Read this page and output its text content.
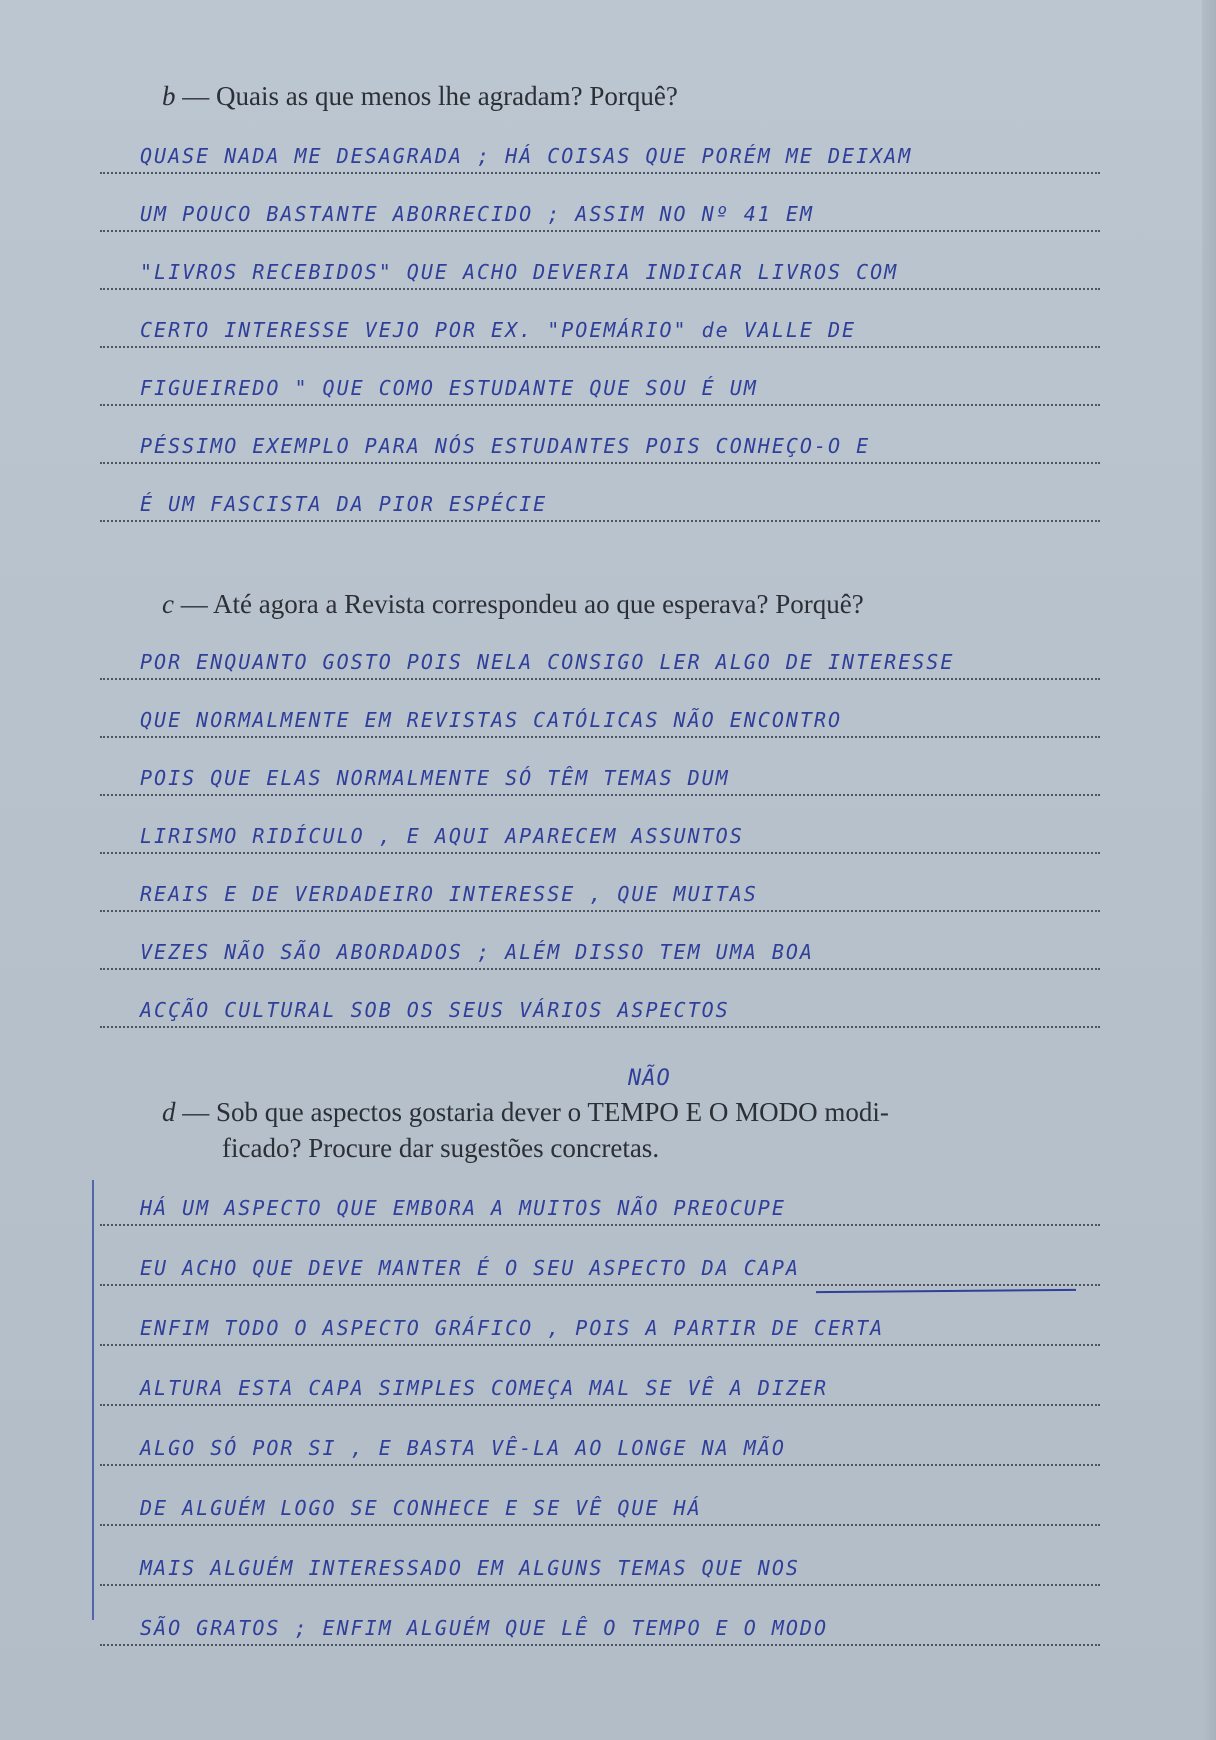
b — Quais as que menos lhe agradam? Porquê?
QUASE NADA ME DESAGRADA ; HÁ COISAS QUE PORÉM ME DEIXAM
UM POUCO BASTANTE ABORRECIDO ; ASSIM NO Nº 41 EM
"LIVROS RECEBIDOS" QUE ACHO DEVERIA INDICAR LIVROS COM
CERTO INTERESSE VEJO POR EX. "POEMÁRIO" de VALLE DE
FIGUEIREDO " QUE COMO ESTUDANTE QUE SOU É UM
PÉSSIMO EXEMPLO PARA NÓS ESTUDANTES POIS CONHEÇO-O E
É UM FASCISTA DA PIOR ESPÉCIE
c — Até agora a Revista correspondeu ao que esperava? Porquê?
POR ENQUANTO GOSTO POIS NELA CONSIGO LER ALGO DE INTERESSE
QUE NORMALMENTE EM REVISTAS CATÓLICAS NÃO ENCONTRO
POIS QUE ELAS NORMALMENTE SÓ TÊM TEMAS DUM
LIRISMO RIDÍCULO , E AQUI APARECEM ASSUNTOS
REAIS E DE VERDADEIRO INTERESSE , QUE MUITAS
VEZES NÃO SÃO ABORDADOS ; ALÉM DISSO TEM UMA BOA
ACÇÃO CULTURAL SOB OS SEUS VÁRIOS ASPECTOS
d — Sob que aspectos gostaria dever o TEMPO E O MODO modi-
ficado? Procure dar sugestões concretas.
NÃO
HÁ UM ASPECTO QUE EMBORA A MUITOS NÃO PREOCUPE
EU ACHO QUE DEVE MANTER É O SEU ASPECTO DA CAPA
ENFIM TODO O ASPECTO GRÁFICO , POIS A PARTIR DE CERTA
ALTURA ESTA CAPA SIMPLES COMEÇA MAL SE VÊ A DIZER
ALGO SÓ POR SI , E BASTA VÊ-LA AO LONGE NA MÃO
DE ALGUÉM LOGO SE CONHECE E SE VÊ QUE HÁ
MAIS ALGUÉM INTERESSADO EM ALGUNS TEMAS QUE NOS
SÃO GRATOS ; ENFIM ALGUÉM QUE LÊ O TEMPO E O MODO
